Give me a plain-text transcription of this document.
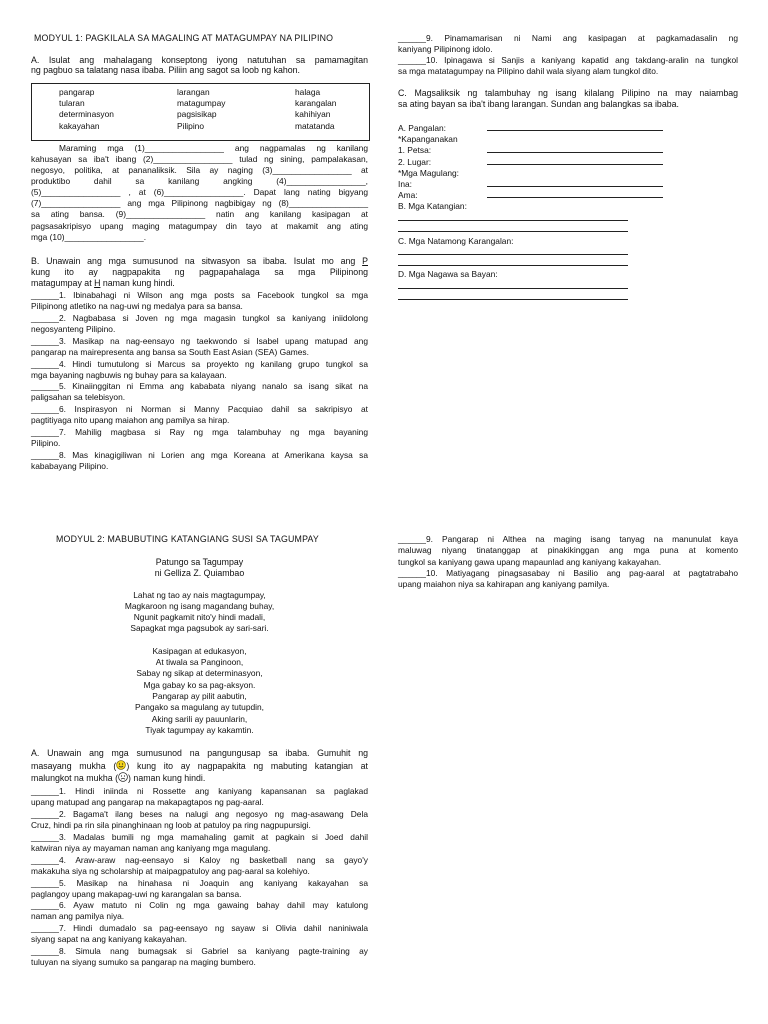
MODYUL 1: PAGKILALA SA MAGALING AT MATAGUMPAY NA PILIPINO
A. Isulat ang mahalagang konseptong iyong natutuhan sa pamamagitan
ng pagbuo sa talatang nasa ibaba. Piliin ang sagot sa loob ng kahon.
pangarap	larangan	halaga
tularan	matagumpay	karangalan
determinasyon	pagsisikap	kahihiyan
kakayahan	Pilipino	matatanda
Maraming mga (1)_________________ ang nagpamalas ng kanilang
kahusayan sa iba't ibang (2)_________________ tulad ng sining, pampalakasan,
negosyo, politika, at pananaliksik. Sila ay naging (3)_________________ at
produktibo dahil sa kanilang angking (4)_________________,
(5)_________________ , at (6)_________________. Dapat lang nating bigyang
(7)_________________ ang mga Pilipinong nagbibigay ng (8)_________________
sa ating bansa. (9)_________________ natin ang kanilang kasipagan at
pagsasakripisyo upang maging matagumpay din tayo at makamit ang ating
mga (10)_________________.
B. Unawain ang mga sumusunod na sitwasyon sa ibaba. Isulat mo ang P
kung ito ay nagpapakita ng pagpapahalaga sa mga Pilipinong
matagumpay at H naman kung hindi.
______1. Ibinabahagi ni Wilson ang mga posts sa Facebook tungkol sa mga
Pilipinong atletiko na nag-uwi ng medalya para sa bansa.
______2. Nagbabasa si Joven ng mga magasin tungkol sa kaniyang iniidolong
negosyanteng Pilipino.
______3. Masikap na nag-eensayo ng taekwondo si Isabel upang matupad ang
pangarap na mairepresenta ang bansa sa South East Asian (SEA) Games.
______4. Hindi tumutulong si Marcus sa proyekto ng kanilang grupo tungkol sa
mga bayaning nagbuwis ng buhay para sa kalayaan.
______5. Kinaiinggitan ni Emma ang kababata niyang nanalo sa isang sikat na
paligsahan sa telebisyon.
______6. Inspirasyon ni Norman si Manny Pacquiao dahil sa sakripisyo at
pagtitiyaga nito upang maiahon ang pamilya sa hirap.
______7. Mahilig magbasa si Ray ng mga talambuhay ng mga bayaning
Pilipino.
______8. Mas kinagigiliwan ni Lorien ang mga Koreana at Amerikana kaysa sa
kababayang Pilipino.
______9. Pinamamarisan ni Nami ang kasipagan at pagkamadasalin ng
kaniyang Pilipinong idolo.
______10. Ipinagawa si Sanjis a kaniyang kapatid ang takdang-aralin na tungkol
sa mga matatagumpay na Pilipino dahil wala siyang alam tungkol dito.
C. Magsaliksik ng talambuhay ng isang kilalang Pilipino na may naiambag
sa ating bayan sa iba't ibang larangan. Sundan ang balangkas sa ibaba.
A. Pangalan:
*Kapanganakan
1. Petsa:
2. Lugar:
*Mga Magulang:
Ina:
Ama:
B. Mga Katangian:
C. Mga Natamong Karangalan:
D. Mga Nagawa sa Bayan:
MODYUL 2: MABUBUTING KATANGIANG SUSI SA TAGUMPAY
Patungo sa Tagumpay
ni Gelliza Z. Quiambao
Lahat ng tao ay nais magtagumpay,
Magkaroon ng isang magandang buhay,
Ngunit pagkamit nito'y hindi madali,
Sapagkat mga pagsubok ay sari-sari.
Kasipagan at edukasyon,
At tiwala sa Panginoon,
Sabay ng sikap at determinasyon,
Mga gabay ko sa pag-aksyon.
Pangarap ay pilit aabutin,
Pangako sa magulang ay tutupdin,
Aking sarili ay pauunlarin,
Tiyak tagumpay ay kakamtin.
A. Unawain ang mga sumusunod na pangungusap sa ibaba. Gumuhit ng
masayang mukha ( ) kung ito ay nagpapakita ng mabuting katangian at
malungkot na mukha ( ) naman kung hindi.
______1. Hindi iniinda ni Rossette ang kaniyang kapansanan sa paglakad
upang matupad ang pangarap na makapagtapos ng pag-aaral.
______2. Bagama't ilang beses na nalugi ang negosyo ng mag-asawang Dela
Cruz, hindi pa rin sila pinanghinaan ng loob at patuloy pa ring nagpupursigi.
______3. Madalas bumili ng mga mamahaling gamit at pagkain si Joed dahil
katwiran niya ay mayaman naman ang kaniyang mga magulang.
______4. Araw-araw nag-eensayo si Kaloy ng basketball nang sa gayo'y
makakuha siya ng scholarship at maipagpatuloy ang pag-aaral sa kolehiyo.
______5. Masikap na hinahasa ni Joaquin ang kaniyang kakayahan sa
paglangoy upang makapag-uwi ng karangalan sa bansa.
______6. Ayaw matuto ni Colin ng mga gawaing bahay dahil may katulong
naman ang pamilya niya.
______7. Hindi dumadalo sa pag-eensayo ng sayaw si Olivia dahil naniniwala
siyang sapat na ang kaniyang kakayahan.
______8. Simula nang bumagsak si Gabriel sa kaniyang pagte-training ay
tuluyan na siyang sumuko sa pangarap na maging bumbero.
______9. Pangarap ni Althea na maging isang tanyag na manunulat kaya
maluwag niyang tinatanggap at pinakikinggan ang mga puna at komento
tungkol sa kaniyang gawa upang mapaunlad ang kaniyang kakayahan.
______10. Matiyagang pinagsasabay ni Basilio ang pag-aaral at pagtatrabaho
upang maiahon niya sa kahirapan ang kaniyang pamilya.
